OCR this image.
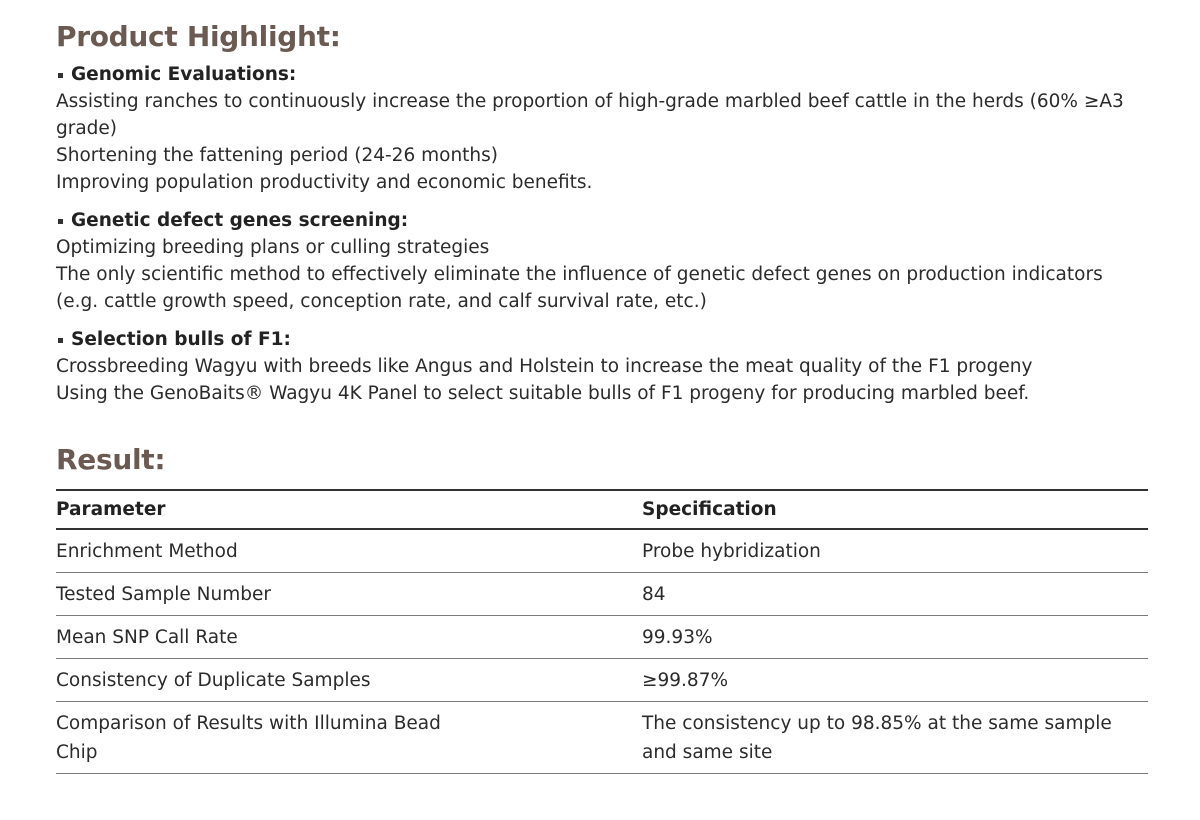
Product Highlight:
Genomic Evaluations:

Assisting ranches to continuously increase the proportion of high-grade marbled beef cattle in the herds (60% ≥A3 grade)

Shortening the fattening period (24-26 months)

Improving population productivity and economic benefits.

Genetic defect genes screening:

Optimizing breeding plans or culling strategies

The only scientific method to effectively eliminate the influence of genetic defect genes on production indicators (e.g. cattle growth speed, conception rate, and calf survival rate, etc.)

Selection bulls of F1:

Crossbreeding Wagyu with breeds like Angus and Holstein to increase the meat quality of the F1 progeny

Using the GenoBaits® Wagyu 4K Panel to select suitable bulls of F1 progeny for producing marbled beef.

Result:
Parameter	Specification
Enrichment Method	Probe hybridization
Tested Sample Number	84
Mean SNP Call Rate	99.93%
Consistency of Duplicate Samples	≥99.87%
Comparison of Results with Illumina Bead Chip	The consistency up to 98.85% at the same sample and same site
